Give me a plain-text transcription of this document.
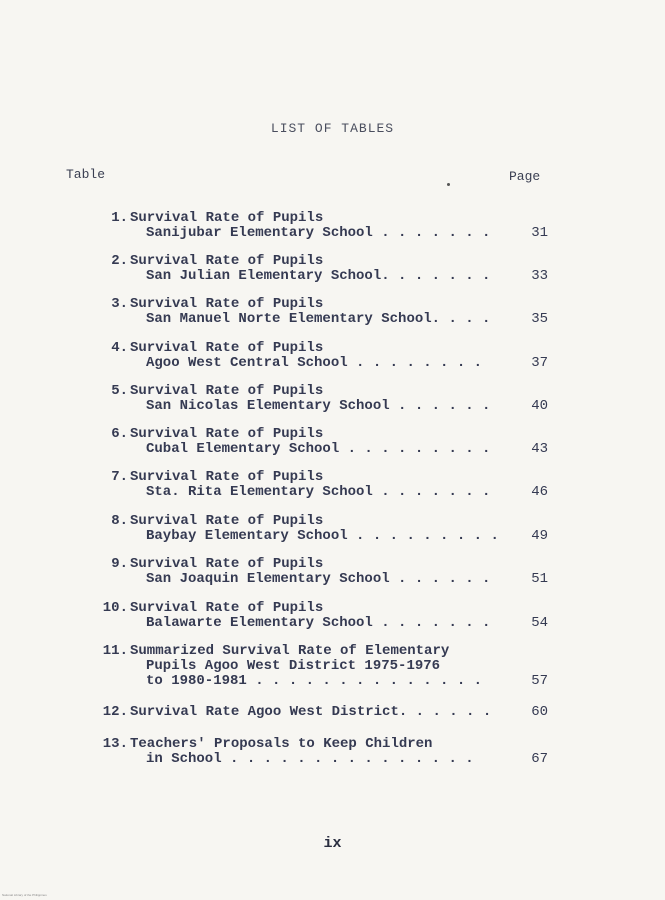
LIST OF TABLES
Table	Page
1. Survival Rate of Pupils
Sanijubar Elementary School . . . . . . .	31
2. Survival Rate of Pupils
San Julian Elementary School. . . . . . .	33
3. Survival Rate of Pupils
San Manuel Norte Elementary School. . . .	35
4. Survival Rate of Pupils
Agoo West Central School . . . . . . . .	37
5. Survival Rate of Pupils
San Nicolas Elementary School . . . . . .	40
6. Survival Rate of Pupils
Cubal Elementary School . . . . . . . . .	43
7. Survival Rate of Pupils
Sta. Rita Elementary School . . . . . . .	46
8. Survival Rate of Pupils
Baybay Elementary School . . . . . . . . . 49
9. Survival Rate of Pupils
San Joaquin Elementary School . . . . . .	51
10. Survival Rate of Pupils
Balawarte Elementary School . . . . . . .	54
11. Summarized Survival Rate of Elementary
Pupils Agoo West District 1975-1976
to 1980-1981 . . . . . . . . . . . . . .	57
12. Survival Rate Agoo West District. . . . . .	60
13. Teachers' Proposals to Keep Children
in School . . . . . . . . . . . . . . .	67
ix
National Library of the Philippines
